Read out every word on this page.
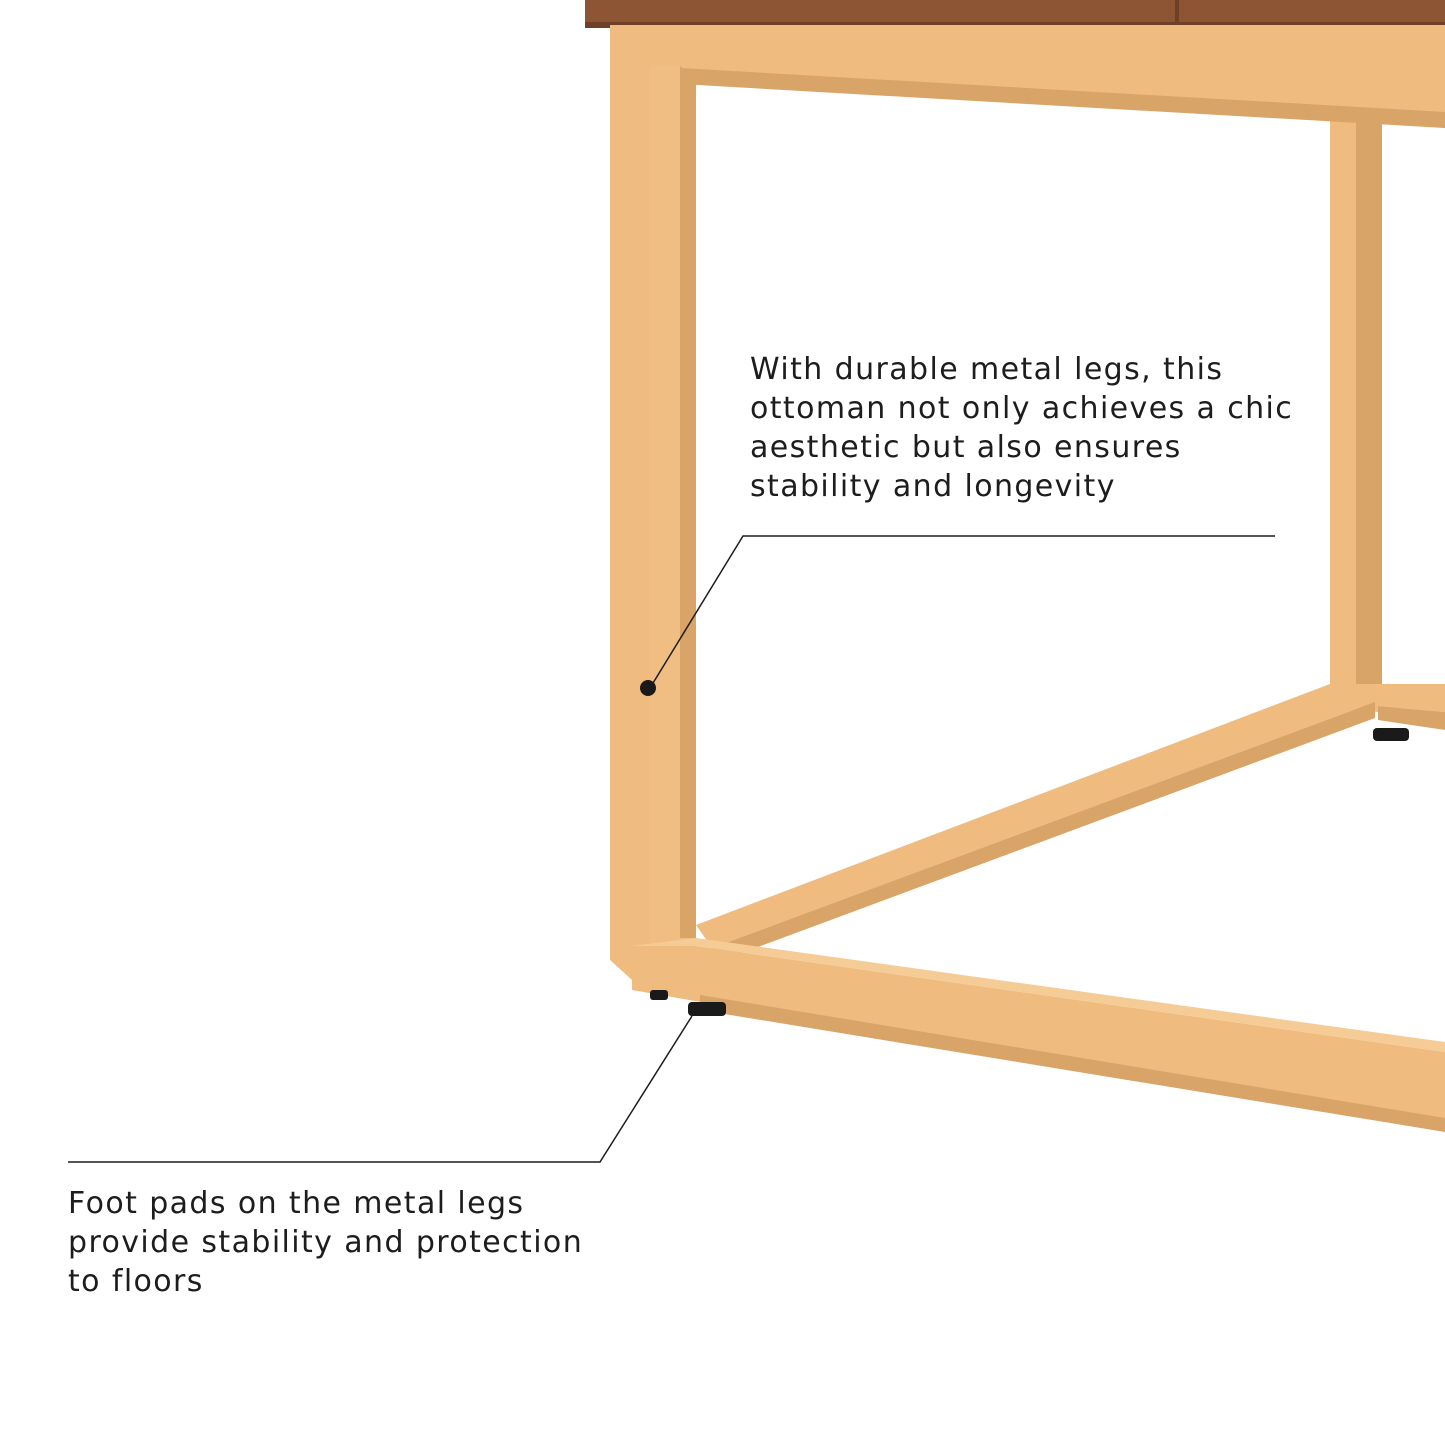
With durable metal legs, this
ottoman not only achieves a chic
aesthetic but also ensures
stability and longevity

Foot pads on the metal legs
provide stability and protection
to floors
